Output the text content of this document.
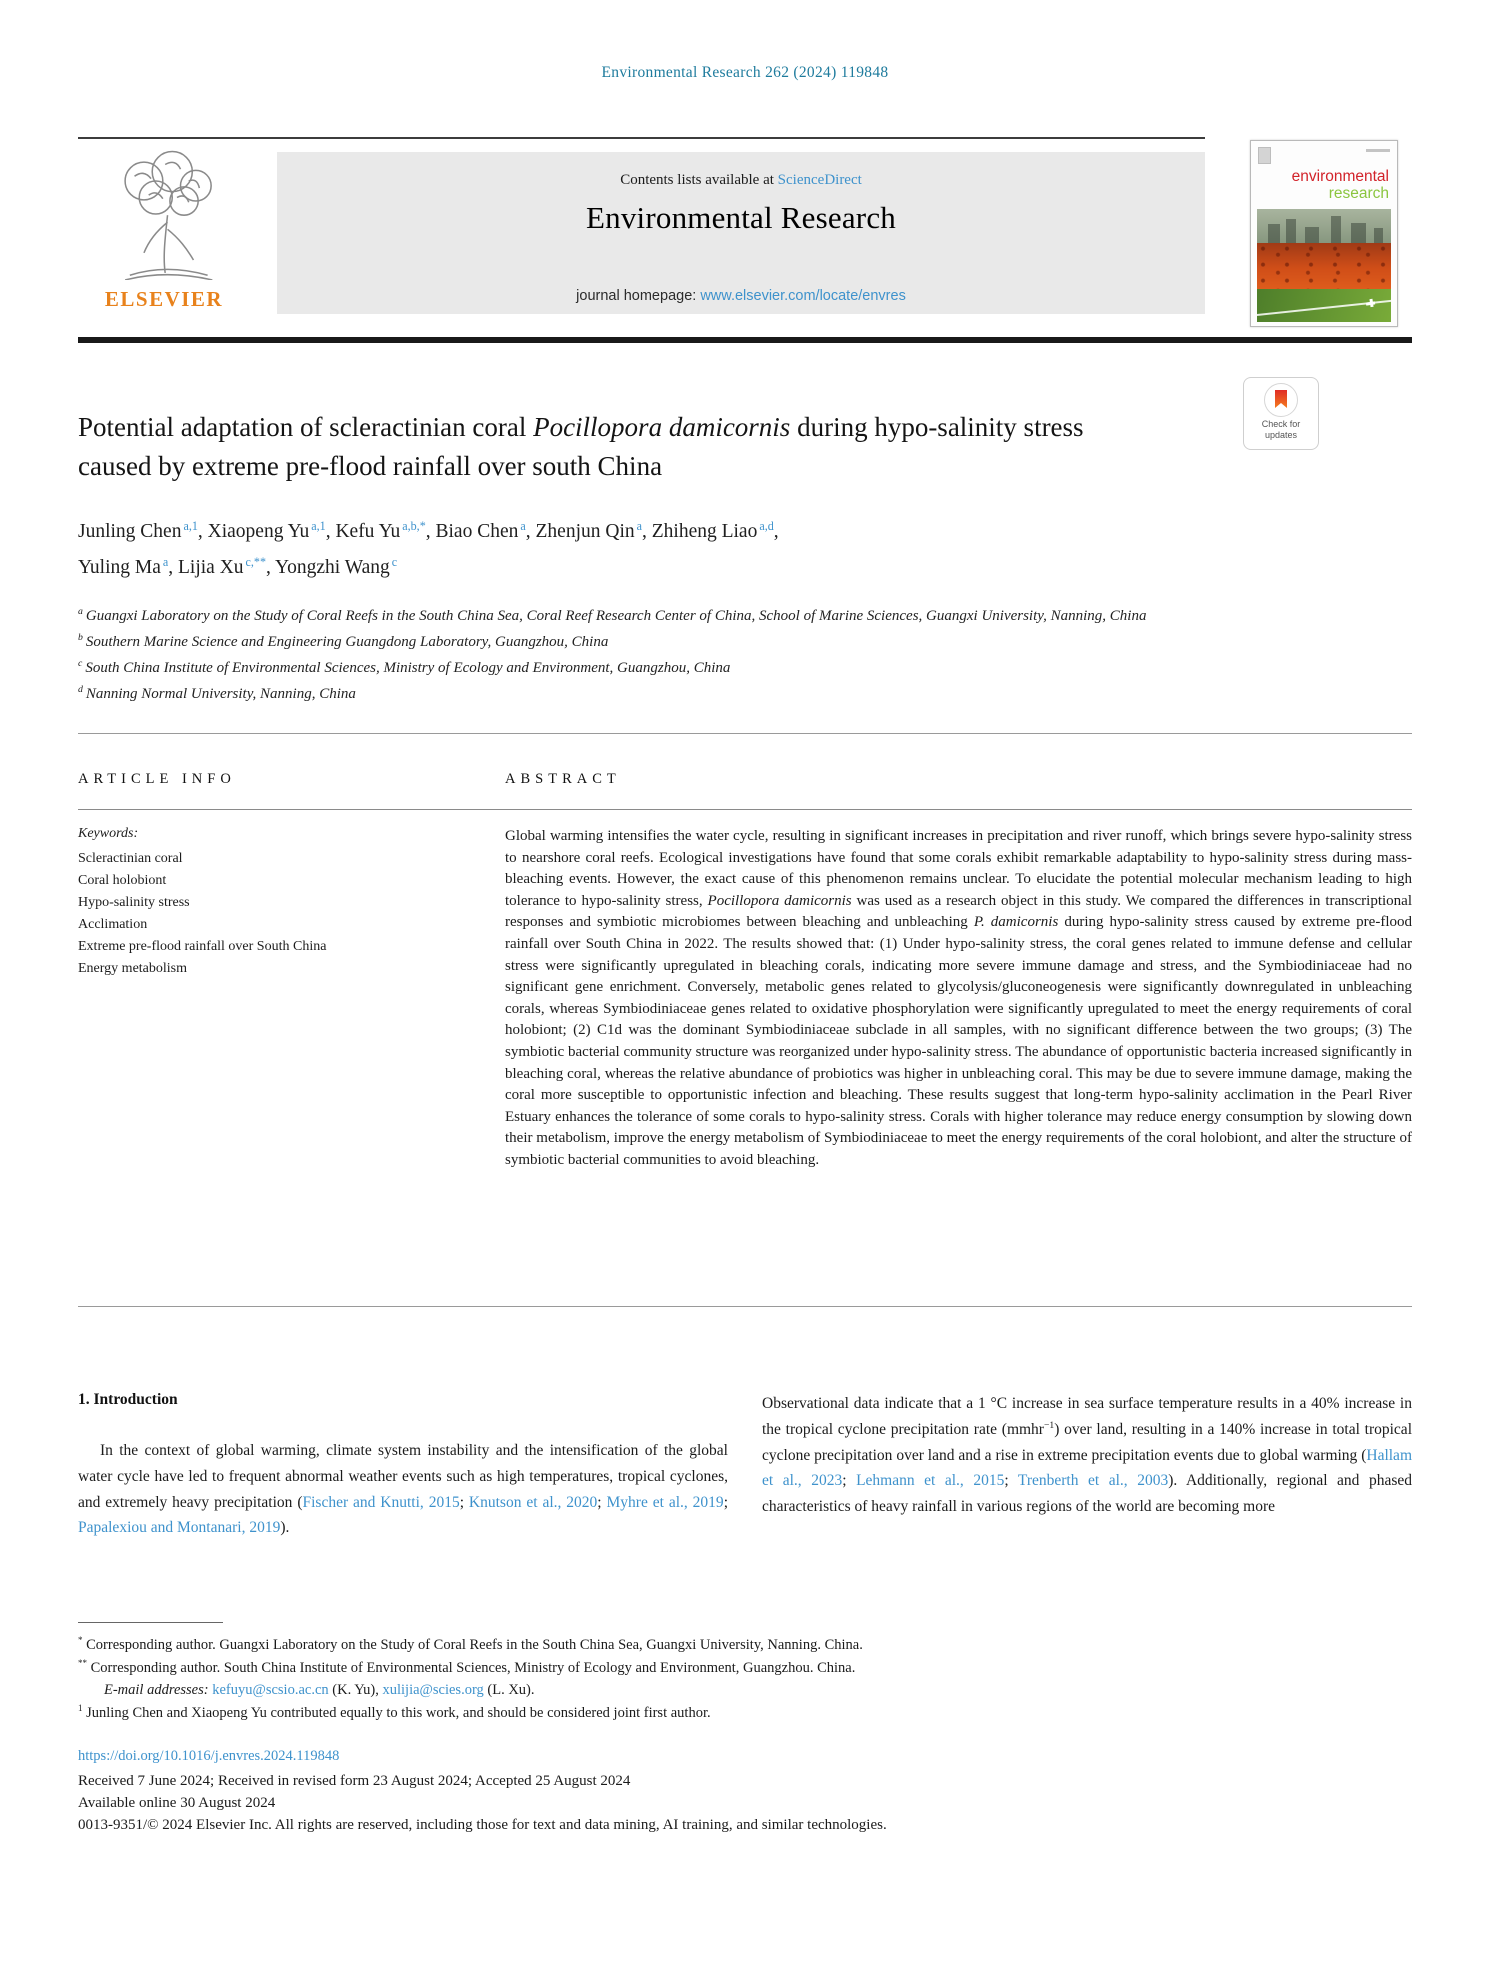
Environmental Research 262 (2024) 119848
ELSEVIER
Contents lists available at ScienceDirect
Environmental Research
journal homepage: www.elsevier.com/locate/envres
environmental
research
Check for
updates
Potential adaptation of scleractinian coral Pocillopora damicornis during hypo-salinity stress caused by extreme pre-flood rainfall over south China
Junling Chen $^{a,1}$, Xiaopeng Yu $^{a,1}$, Kefu Yu $^{a,b,*}$, Biao Chen $^a$, Zhenjun Qin $^a$, Zhiheng Liao $^{a,d}$,
Yuling Ma $^a$, Lijia Xu $^{c,**}$, Yongzhi Wang $^c$
$^a$ Guangxi Laboratory on the Study of Coral Reefs in the South China Sea, Coral Reef Research Center of China, School of Marine Sciences, Guangxi University, Nanning, China
$^b$ Southern Marine Science and Engineering Guangdong Laboratory, Guangzhou, China
$^c$ South China Institute of Environmental Sciences, Ministry of Ecology and Environment, Guangzhou, China
$^d$ Nanning Normal University, Nanning, China
ARTICLE INFO	ABSTRACT
Keywords:
Scleractinian coral
Coral holobiont
Hypo-salinity stress
Acclimation
Extreme pre-flood rainfall over South China
Energy metabolism
Global warming intensifies the water cycle, resulting in significant increases in precipitation and river runoff, which brings severe hypo-salinity stress to nearshore coral reefs. Ecological investigations have found that some corals exhibit remarkable adaptability to hypo-salinity stress during mass-bleaching events. However, the exact cause of this phenomenon remains unclear. To elucidate the potential molecular mechanism leading to high tolerance to hypo-salinity stress, Pocillopora damicornis was used as a research object in this study. We compared the differences in transcriptional responses and symbiotic microbiomes between bleaching and unbleaching P. damicornis during hypo-salinity stress caused by extreme pre-flood rainfall over South China in 2022. The results showed that: (1) Under hypo-salinity stress, the coral genes related to immune defense and cellular stress were significantly upregulated in bleaching corals, indicating more severe immune damage and stress, and the Symbiodiniaceae had no significant gene enrichment. Conversely, metabolic genes related to glycolysis/gluconeogenesis were significantly downregulated in unbleaching corals, whereas Symbiodiniaceae genes related to oxidative phosphorylation were significantly upregulated to meet the energy requirements of coral holobiont; (2) C1d was the dominant Symbiodiniaceae subclade in all samples, with no significant difference between the two groups; (3) The symbiotic bacterial community structure was reorganized under hypo-salinity stress. The abundance of opportunistic bacteria increased significantly in bleaching coral, whereas the relative abundance of probiotics was higher in unbleaching coral. This may be due to severe immune damage, making the coral more susceptible to opportunistic infection and bleaching. These results suggest that long-term hypo-salinity acclimation in the Pearl River Estuary enhances the tolerance of some corals to hypo-salinity stress. Corals with higher tolerance may reduce energy consumption by slowing down their metabolism, improve the energy metabolism of Symbiodiniaceae to meet the energy requirements of the coral holobiont, and alter the structure of symbiotic bacterial communities to avoid bleaching.
1. Introduction
In the context of global warming, climate system instability and the intensification of the global water cycle have led to frequent abnormal weather events such as high temperatures, tropical cyclones, and extremely heavy precipitation (Fischer and Knutti, 2015; Knutson et al., 2020; Myhre et al., 2019; Papalexiou and Montanari, 2019).
Observational data indicate that a 1 °C increase in sea surface temperature results in a 40% increase in the tropical cyclone precipitation rate (mmhr$^{-1}$) over land, resulting in a 140% increase in total tropical cyclone precipitation over land and a rise in extreme precipitation events due to global warming (Hallam et al., 2023; Lehmann et al., 2015; Trenberth et al., 2003). Additionally, regional and phased characteristics of heavy rainfall in various regions of the world are becoming more
* Corresponding author. Guangxi Laboratory on the Study of Coral Reefs in the South China Sea, Guangxi University, Nanning. China.
** Corresponding author. South China Institute of Environmental Sciences, Ministry of Ecology and Environment, Guangzhou. China.
E-mail addresses: kefuyu@scsio.ac.cn (K. Yu), xulijia@scies.org (L. Xu).
$^1$ Junling Chen and Xiaopeng Yu contributed equally to this work, and should be considered joint first author.
https://doi.org/10.1016/j.envres.2024.119848
Received 7 June 2024; Received in revised form 23 August 2024; Accepted 25 August 2024
Available online 30 August 2024
0013-9351/© 2024 Elsevier Inc. All rights are reserved, including those for text and data mining, AI training, and similar technologies.
